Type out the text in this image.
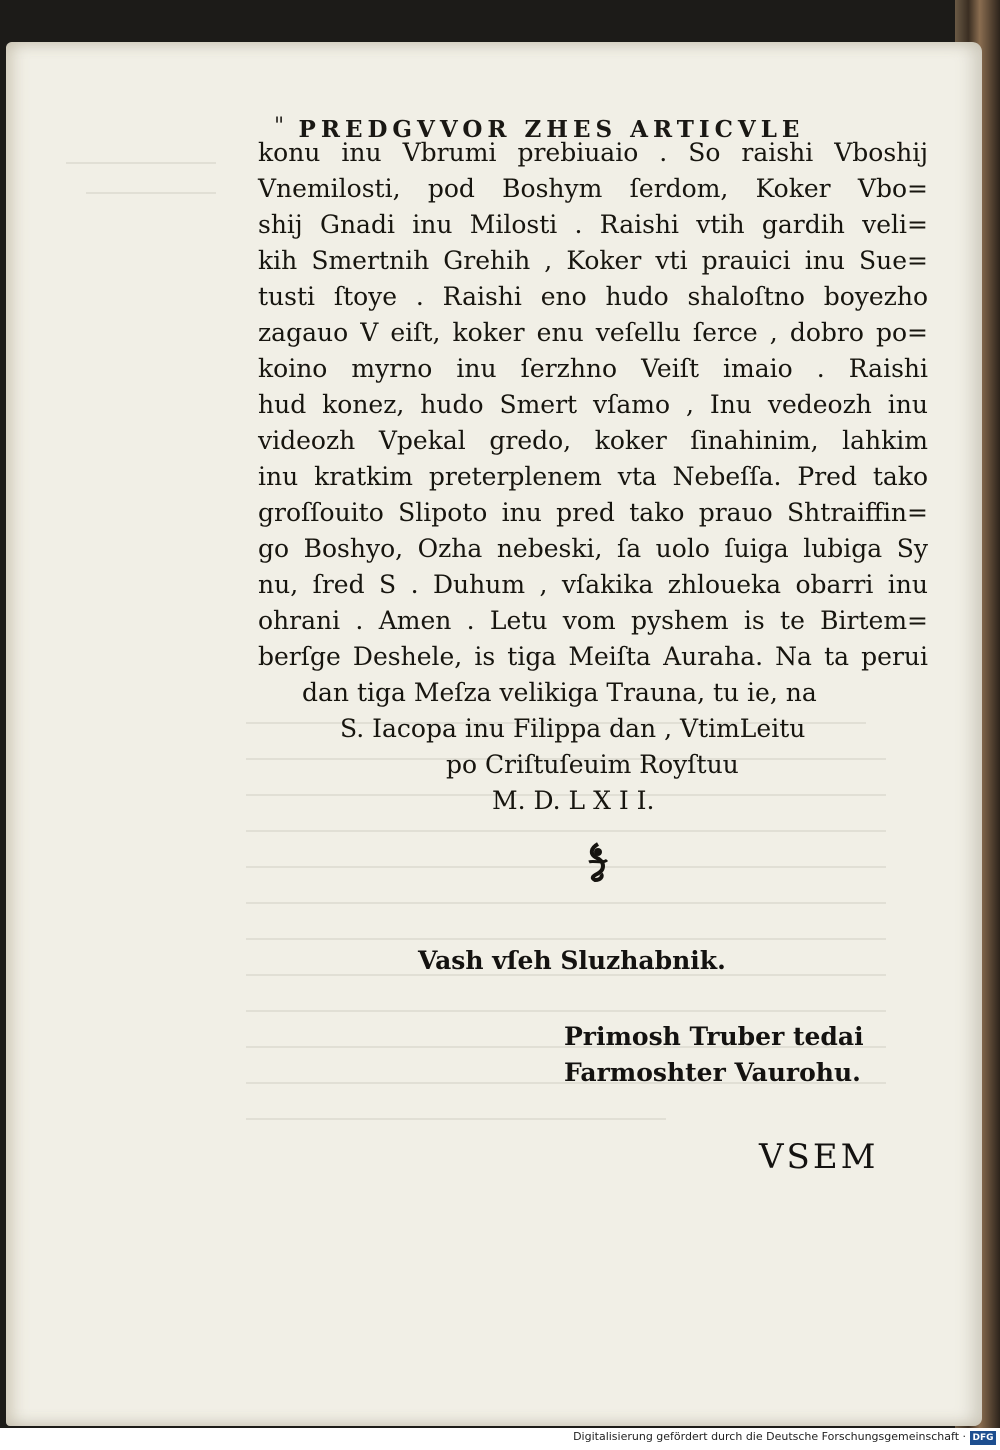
" PREDGVVOR ZHES ARTICVLE
konu inu Vbrumi prebiuaio . So raishi Vboshij
Vnemilosti, pod Boshym ſerdom, Koker Vbo=
shij Gnadi inu Milosti . Raishi vtih gardih veli=
kih Smertnih Grehih , Koker vti prauici inu Sue=
tusti ſtoye . Raishi eno hudo shaloſtno boyezho
zagauo V eiſt, koker enu veſellu ſerce , dobro po=
koino myrno inu ſerzhno Veiſt imaio . Raishi
hud konez, hudo Smert vſamo , Inu vedeozh inu
videozh Vpekal gredo, koker ſinahinim, lahkim
inu kratkim preterplenem vta Nebeſſa. Pred tako
groſſouito Slipoto inu pred tako prauo Shtraiffin=
go Boshyo, Ozha nebeski, ſa uolo ſuiga lubiga Sy
nu, ſred S . Duhum , vſakika zhloueka obarri inu
ohrani . Amen . Letu vom pyshem is te Birtem=
berſge Deshele, is tiga Meiſta Auraha. Na ta perui
dan tiga Meſza velikiga Trauna, tu ie, na
S. Iacopa inu Filippa dan , VtimLeitu
po Criſtuſeuim Royſtuu
M. D. L X I I.
Vash vſeh Sluzhabnik.
Primosh Truber tedai
Farmoshter Vaurohu.
VSEM
Digitalisierung gefördert durch die Deutsche Forschungsgemeinschaft · DFG
